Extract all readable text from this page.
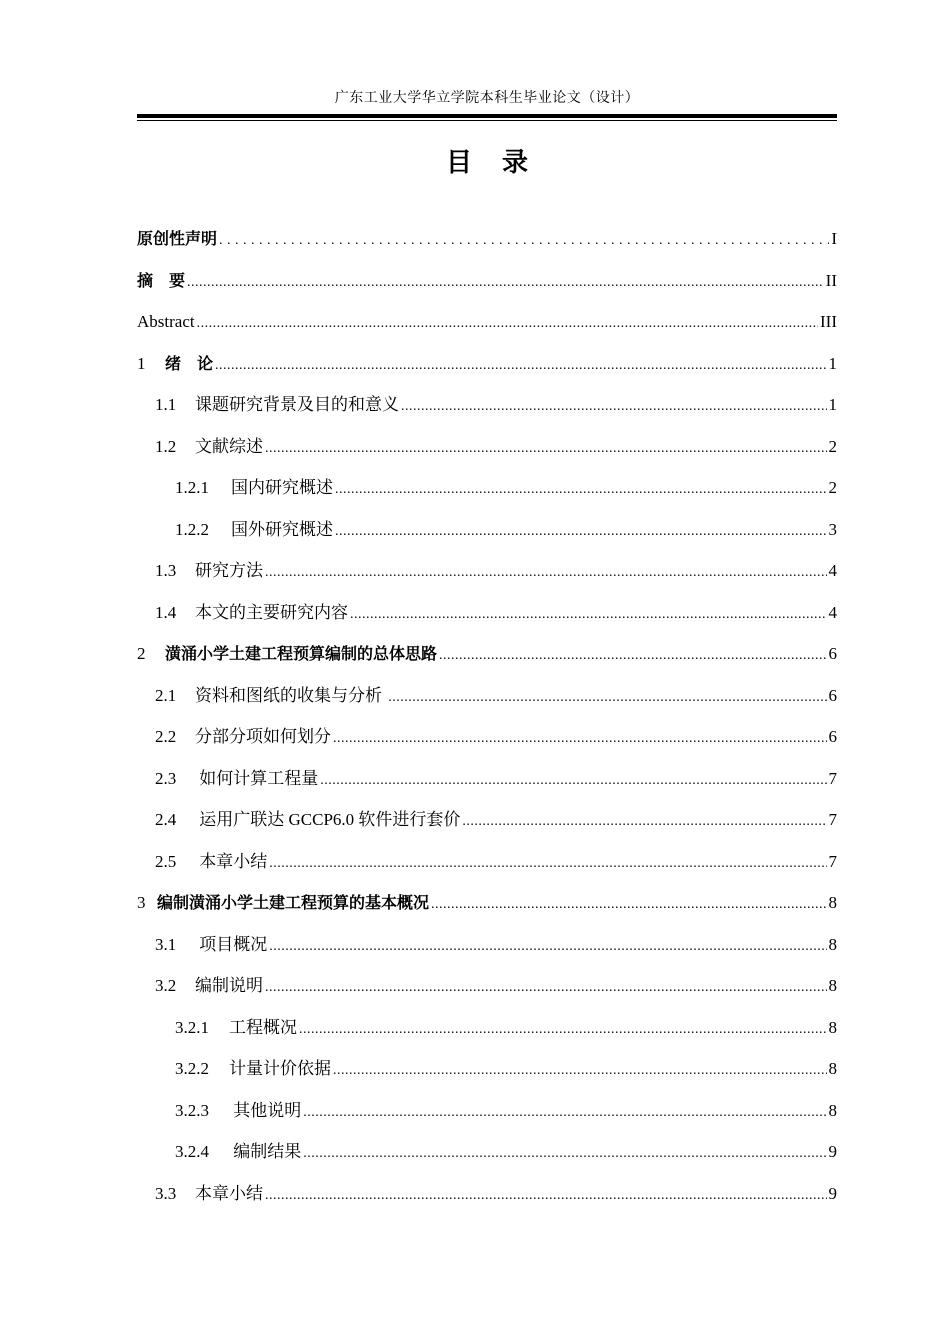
广东工业大学华立学院本科生毕业论文（设计）
目 录
原创性声明 . . .	I
摘　要 .....	II
Abstract .....	III
1	绪　论 .....	1
1.1	课题研究背景及目的和意义 .....	1
1.2	文献综述 .....	2
1.2.1	国内研究概述 .....	2
1.2.2	国外研究概述 .....	3
1.3	研究方法 .....	4
1.4	本文的主要研究内容 .....	4
2	潢涌小学土建工程预算编制的总体思路 .....	6
2.1	资料和图纸的收集与分析 .....	6
2.2	分部分项如何划分 .....	6
2.3	如何计算工程量 .....	7
2.4	运用广联达 GCCP6.0 软件进行套价 .....	7
2.5	本章小结 .....	7
3 编制潢涌小学土建工程预算的基本概况 .....	8
3.1	项目概况 .....	8
3.2	编制说明 .....	8
3.2.1	工程概况 .....	8
3.2.2	计量计价依据 .....	8
3.2.3	其他说明 .....	8
3.2.4	编制结果 .....	9
3.3	本章小结 .....	9
